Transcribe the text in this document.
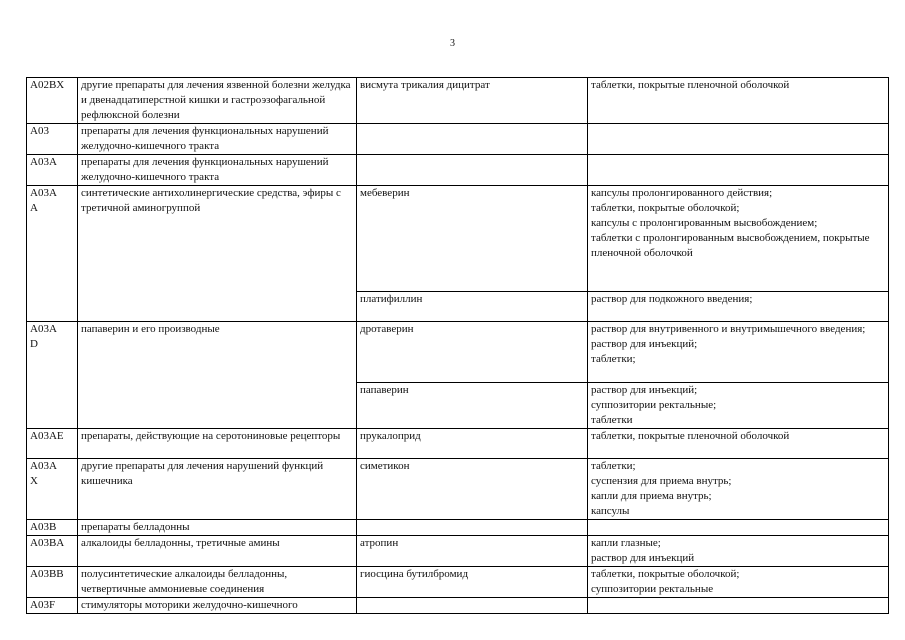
3
A02BX	другие препараты для лечения язвенной болезни желудка и двенадцатиперстной кишки и гастроэзофагальной рефлюксной болезни	висмута трикалия дицитрат	таблетки, покрытые пленочной оболочкой
A03	препараты для лечения функциональных нарушений желудочно-кишечного тракта		
A03A	препараты для лечения функциональных нарушений желудочно-кишечного тракта		
A03A
A	синтетические антихолинергические средства, эфиры с третичной аминогруппой	мебеверин	капсулы пролонгированного действия;
таблетки, покрытые оболочкой;
капсулы с пролонгированным высвобождением;
таблетки с пролонгированным высвобождением, покрытые пленочной оболочкой
		платифиллин	раствор для подкожного введения;
A03A
D	папаверин и его производные	дротаверин	раствор для внутривенного и внутримышечного введения;
раствор для инъекций;
таблетки;
		папаверин	раствор для инъекций;
суппозитории ректальные;
таблетки
A03AE	препараты, действующие на серотониновые рецепторы	прукалоприд	таблетки, покрытые пленочной оболочкой
A03A
X	другие препараты для лечения нарушений функций кишечника	симетикон	таблетки;
суспензия для приема внутрь;
капли для приема внутрь;
капсулы
A03B	препараты белладонны		
A03BA	алкалоиды белладонны, третичные амины	атропин	капли глазные;
раствор для инъекций
A03BB	полусинтетические алкалоиды белладонны, четвертичные аммониевые соединения	гиосцина бутилбромид	таблетки, покрытые оболочкой;
суппозитории ректальные
A03F	стимуляторы моторики желудочно-кишечного		
